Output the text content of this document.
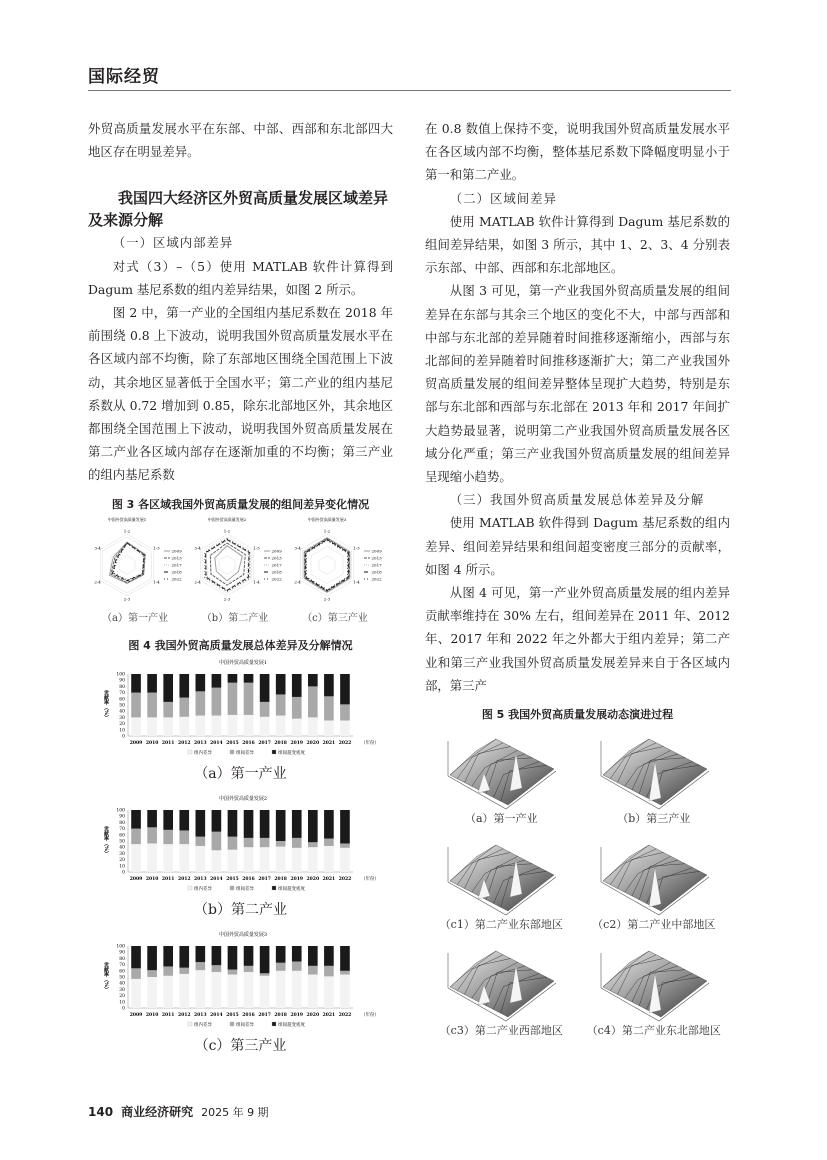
国际经贸

外贸高质量发展水平在东部、中部、西部和东北部四大地区存在明显差异。

我国四大经济区外贸高质量发展区域差异及来源分解
（一）区域内部差异

对式（3）–（5）使用 MATLAB 软件计算得到 Dagum 基尼系数的组内差异结果，如图 2 所示。

图 2 中，第一产业的全国组内基尼系数在 2018 年前围绕 0.8 上下波动，说明我国外贸高质量发展水平在各区域内部不均衡，除了东部地区围绕全国范围上下波动，其余地区显著低于全国水平；第二产业的组内基尼系数从 0.72 增加到 0.85，除东北部地区外，其余地区都围绕全国范围上下波动，说明我国外贸高质量发展在第二产业各区域内部存在逐渐加重的不均衡；第三产业的组内基尼系数

图 3 各区域我国外贸高质量发展的组间差异变化情况
中国外贸高质量发展1
1-2
1-3
1-4
2-3
2-4
3-4
2009
2013
2017
2018
2022
（a）第一产业
中国外贸高质量发展2
1-2
1-3
1-4
2-3
2-4
3-4
2009
2013
2017
2018
2022
（b）第二产业
中国外贸高质量发展3
1-2
1-3
1-4
2-3
2-4
3-4
2009
2013
2017
2018
2022
（c）第三产业
图 4 我国外贸高质量发展总体差异及分解情况
中国外贸高质量发展1
0
10
20
30
40
50
60
70
80
90
100
贡献率（%）
2009 2010 2011 2012 2013 2014 2015 2016 2017 2018 2019 2020 2021 2022 （年份）
组内差异	组间差异	组间超变密度
（a）第一产业
中国外贸高质量发展2
0
10
20
30
40
50
60
70
80
90
100
贡献率（%）
2009 2010 2011 2012 2013 2014 2015 2016 2017 2018 2019 2020 2021 2022 （年份）
组内差异	组间差异	组间超变密度
（b）第二产业
中国外贸高质量发展3
0
10
20
30
40
50
60
70
80
90
100
贡献率（%）
2009 2010 2011 2012 2013 2014 2015 2016 2017 2018 2019 2020 2021 2022 （年份）
组内差异	组间差异	组间超变密度
（c）第三产业

在 0.8 数值上保持不变，说明我国外贸高质量发展水平在各区域内部不均衡，整体基尼系数下降幅度明显小于第一和第二产业。

（二）区域间差异

使用 MATLAB 软件计算得到 Dagum 基尼系数的组间差异结果，如图 3 所示，其中 1、2、3、4 分别表示东部、中部、西部和东北部地区。

从图 3 可见，第一产业我国外贸高质量发展的组间差异在东部与其余三个地区的变化不大，中部与西部和中部与东北部的差异随着时间推移逐渐缩小，西部与东北部间的差异随着时间推移逐渐扩大；第二产业我国外贸高质量发展的组间差异整体呈现扩大趋势，特别是东部与东北部和西部与东北部在 2013 年和 2017 年间扩大趋势最显著，说明第二产业我国外贸高质量发展各区域分化严重；第三产业我国外贸高质量发展的组间差异呈现缩小趋势。

（三）我国外贸高质量发展总体差异及分解

使用 MATLAB 软件得到 Dagum 基尼系数的组内差异、组间差异结果和组间超变密度三部分的贡献率，如图 4 所示。

从图 4 可见，第一产业外贸高质量发展的组内差异贡献率维持在 30% 左右，组间差异在 2011 年、2012 年、2017 年和 2022 年之外都大于组内差异；第二产业和第三产业我国外贸高质量发展差异来自于各区域内部，第三产

图 5 我国外贸高质量发展动态演进过程
（a）第一产业	（b）第三产业
（c1）第二产业东部地区	（c2）第二产业中部地区
（c3）第二产业西部地区 （c4）第二产业东北部地区
140 商业经济研究 2025 年 9 期
